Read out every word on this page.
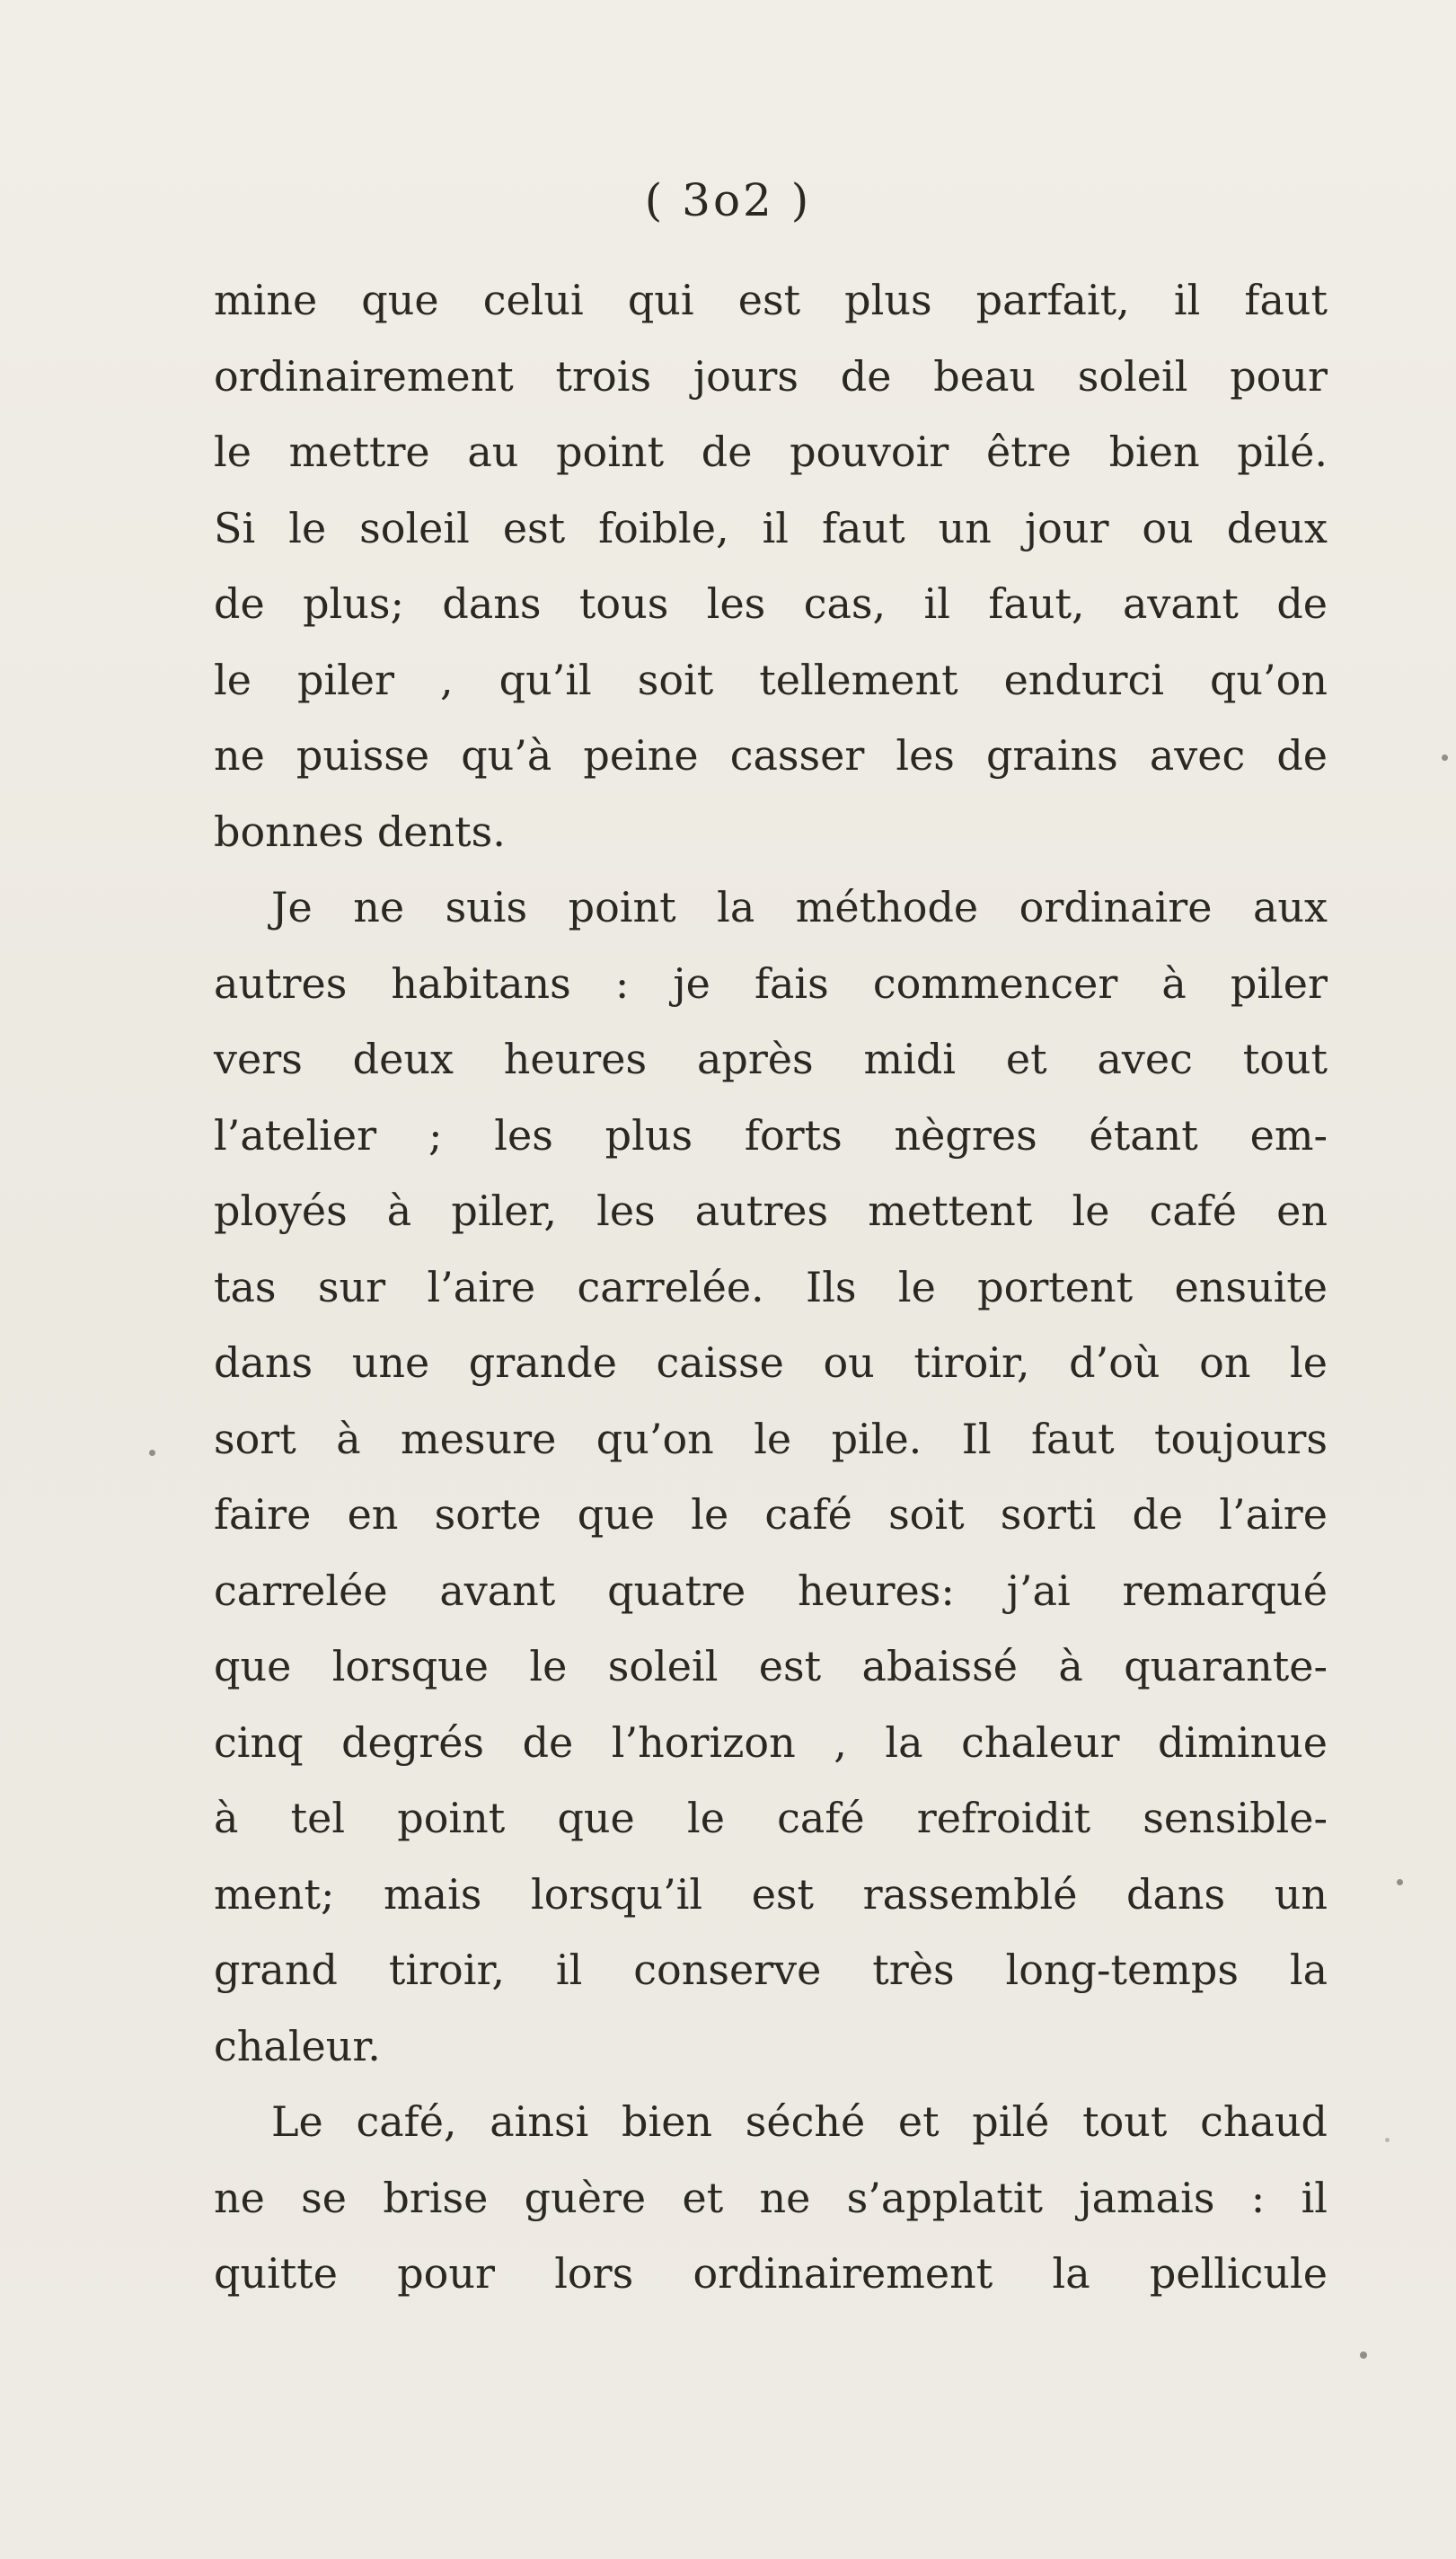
( 3o2 )
mine que celui qui est plus parfait, il faut
ordinairement trois jours de beau soleil pour
le mettre au point de pouvoir être bien pilé.
Si le soleil est foible, il faut un jour ou deux
de plus; dans tous les cas, il faut, avant de
le piler , qu’il soit tellement endurci qu’on
ne puisse qu’à peine casser les grains avec de
bonnes dents.
Je ne suis point la méthode ordinaire aux
autres habitans : je fais commencer à piler
vers deux heures après midi et avec tout
l’atelier ; les plus forts nègres étant em-
ployés à piler, les autres mettent le café en
tas sur l’aire carrelée. Ils le portent ensuite
dans une grande caisse ou tiroir, d’où on le
sort à mesure qu’on le pile. Il faut toujours
faire en sorte que le café soit sorti de l’aire
carrelée avant quatre heures: j’ai remarqué
que lorsque le soleil est abaissé à quarante-
cinq degrés de l’horizon , la chaleur diminue
à tel point que le café refroidit sensible-
ment; mais lorsqu’il est rassemblé dans un
grand tiroir, il conserve très long-temps la
chaleur.
Le café, ainsi bien séché et pilé tout chaud
ne se brise guère et ne s’applatit jamais : il
quitte pour lors ordinairement la pellicule
